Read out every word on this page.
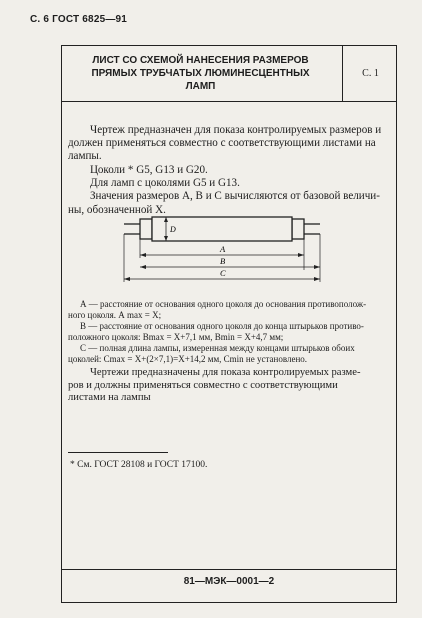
С. 6 ГОСТ 6825—91
ЛИСТ СО СХЕМОЙ НАНЕСЕНИЯ РАЗМЕРОВ
ПРЯМЫХ ТРУБЧАТЫХ ЛЮМИНЕСЦЕНТНЫХ
ЛАМП
С. 1
Чертеж предназначен для показа контролируемых размеров и
должен применяться совместно с соответствующими листами на
лампы.
Цоколи * G5, G13 и G20.
Для ламп с цоколями G5 и G13.
Значения размеров А, В и С вычисляются от базовой величи-
ны, обозначенной X.
D
A
B
C
А — расстояние от основания одного цоколя до основания противополож-
ного цоколя. А max = X;
В — расстояние от основания одного цоколя до конца штырьков противо-
положного цоколя: Bmax = X+7,1 мм, Bmin = X+4,7 мм;
С — полная длина лампы, измеренная между концами штырьков обоих
цоколей: Cmax = X+(2×7,1)=X+14,2 мм, Cmin не установлено.
Чертежи предназначены для показа контролируемых разме-
ров и должны применяться совместно с соответствующими
листами на лампы
* См. ГОСТ 28108 и ГОСТ 17100.
81—МЭК—0001—2
